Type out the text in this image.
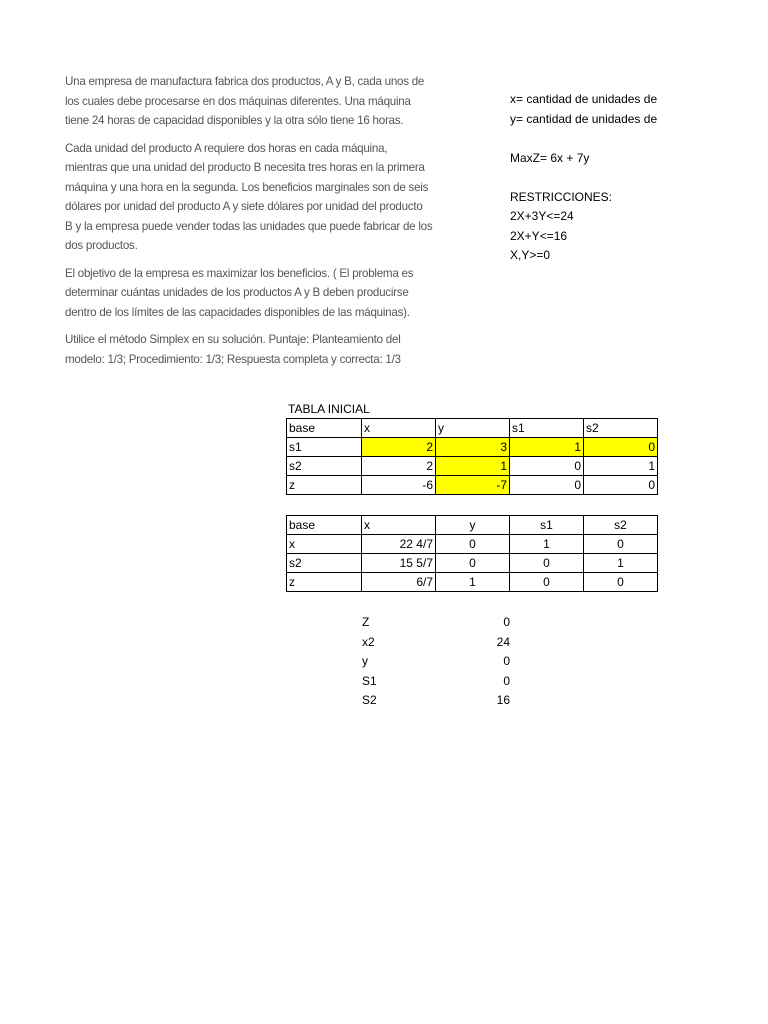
Una empresa de manufactura fabrica dos productos, A y B, cada unos de
los cuales debe procesarse en dos máquinas diferentes. Una máquina
tiene 24 horas de capacidad disponibles y la otra sólo tiene 16 horas.

Cada unidad del producto A requiere dos horas en cada máquina,
mientras que una unidad del producto B necesita tres horas en la primera
máquina y una hora en la segunda. Los beneficios marginales son de seis
dólares por unidad del producto A y siete dólares por unidad del producto
B y la empresa puede vender todas las unidades que puede fabricar de los
dos productos.

El objetivo de la empresa es maximizar los beneficios. ( El problema es
determinar cuántas unidades de los productos A y B deben producirse
dentro de los límites de las capacidades disponibles de las máquinas).

Utilice el método Simplex en su solución. Puntaje: Planteamiento del
modelo: 1/3; Procedimiento: 1/3; Respuesta completa y correcta: 1/3

x= cantidad de unidades de
y= cantidad de unidades de
MaxZ= 6x + 7y
RESTRICCIONES:
2X+3Y<=24
2X+Y<=16
X,Y>=0
TABLA INICIAL
base	x	y	s1	s2
s1	2	3	1	0
s2	2	1	0	1
z	-6	-7	0	0
base	x	y	s1	s2
x	22 4/7	0	1	0
s2	15 5/7	0	0	1
z	6/7	1	0	0
Z	0
x2	24
y	0
S1	0
S2	16
